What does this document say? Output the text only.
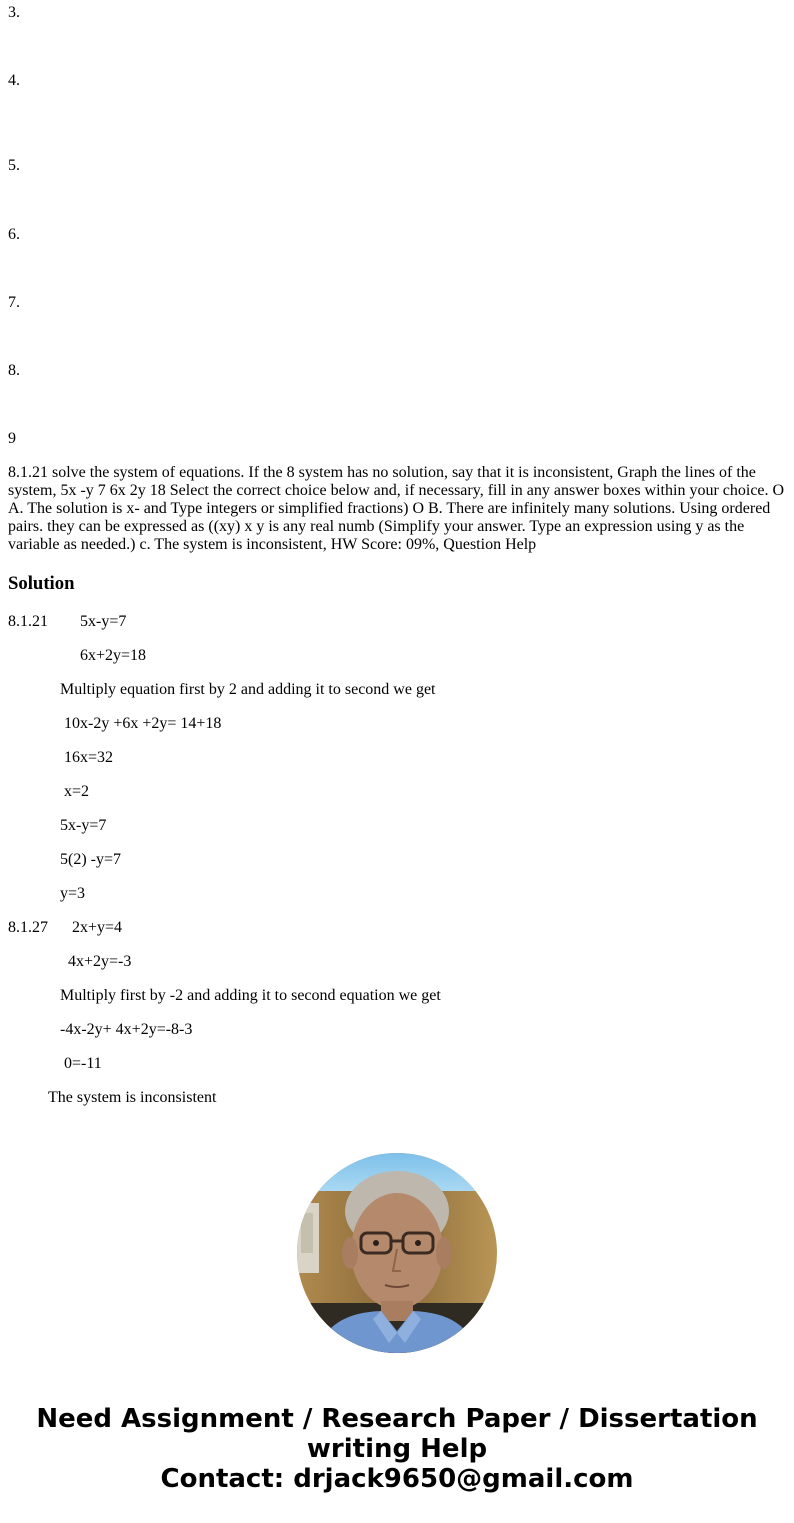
3.

4.

5.

6.

7.

8.

9

8.1.21 solve the system of equations. If the 8 system has no solution, say that it is inconsistent, Graph the lines of the system, 5x -y 7 6x 2y 18 Select the correct choice below and, if necessary, fill in any answer boxes within your choice. O A. The solution is x- and Type integers or simplified fractions) O B. There are infinitely many solutions. Using ordered pairs. they can be expressed as ((xy) x y is any real numb (Simplify your answer. Type an expression using y as the variable as needed.) c. The system is inconsistent, HW Score: 09%, Question Help

Solution

8.1.21        5x-y=7

6x+2y=18

Multiply equation first by 2 and adding it to second we get

10x-2y +6x +2y= 14+18

16x=32

x=2

5x-y=7

5(2) -y=7

y=3

8.1.27      2x+y=4

4x+2y=-3

Multiply first by -2 and adding it to second equation we get

-4x-2y+ 4x+2y=-8-3

0=-11

The system is inconsistent

Need Assignment / Research Paper / Dissertation
writing Help
Contact: drjack9650@gmail.com
